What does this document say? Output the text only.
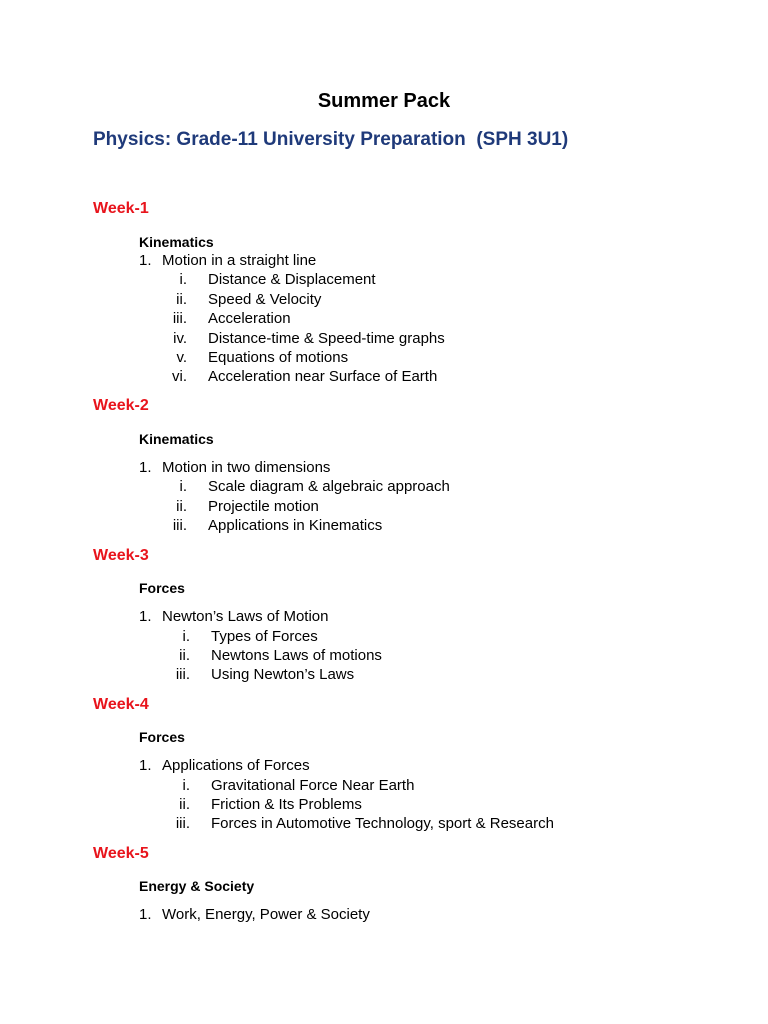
Summer Pack
Physics: Grade-11 University Preparation  (SPH 3U1)
Week-1
Kinematics
1. Motion in a straight line
i. Distance & Displacement
ii. Speed & Velocity
iii. Acceleration
iv. Distance-time & Speed-time graphs
v. Equations of motions
vi. Acceleration near Surface of Earth
Week-2
Kinematics
1. Motion in two dimensions
i. Scale diagram & algebraic approach
ii. Projectile motion
iii. Applications in Kinematics
Week-3
Forces
1. Newton’s Laws of Motion
i. Types of Forces
ii. Newtons Laws of motions
iii. Using Newton’s Laws
Week-4
Forces
1. Applications of Forces
i. Gravitational Force Near Earth
ii. Friction & Its Problems
iii. Forces in Automotive Technology, sport & Research
Week-5
Energy & Society
1. Work, Energy, Power & Society
